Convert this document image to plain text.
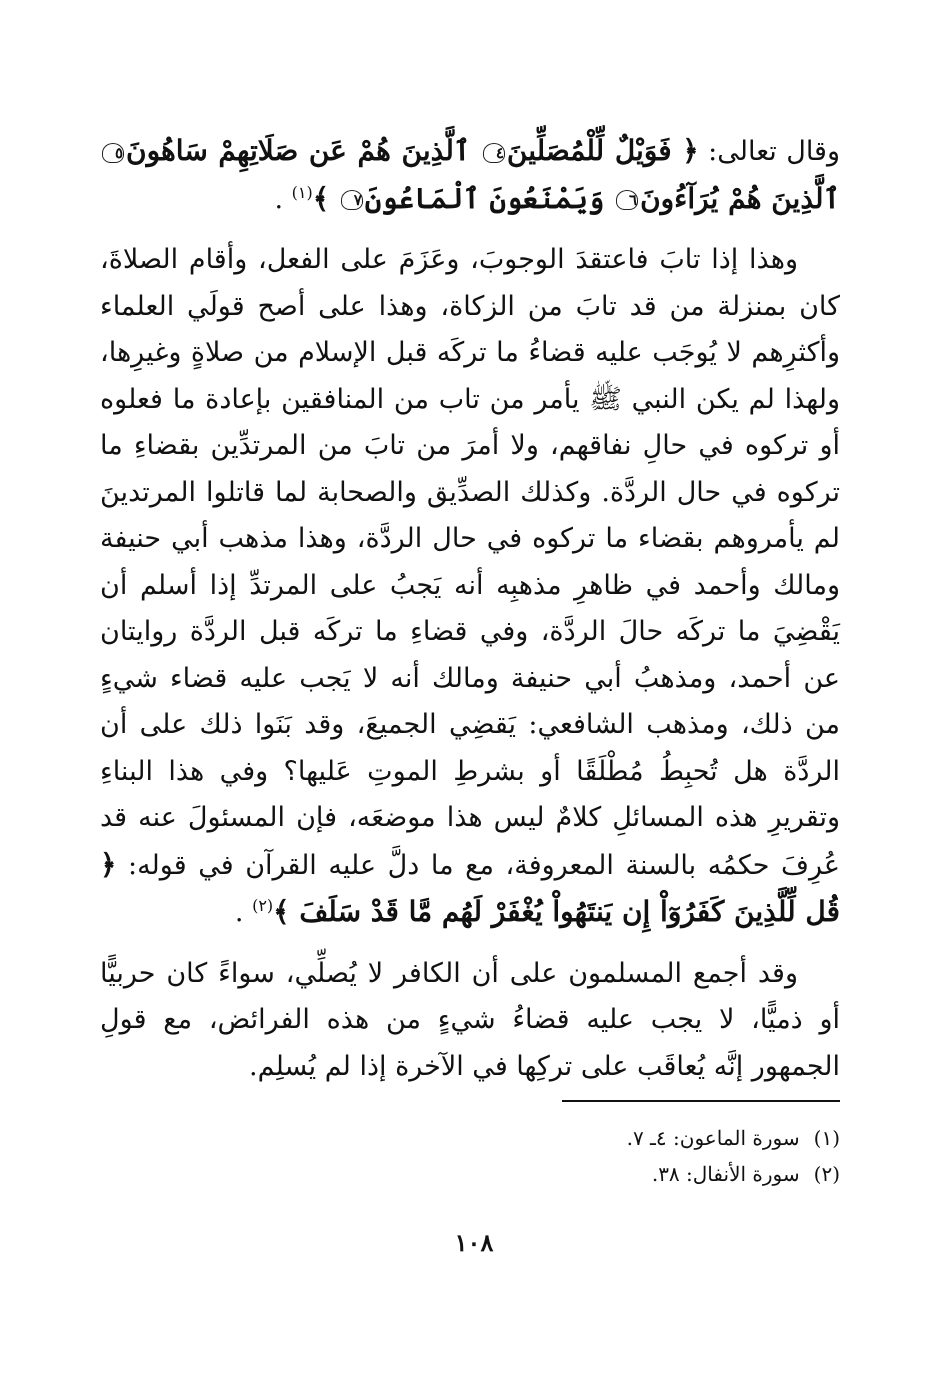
وقال تعالى: ﴿ فَوَيْلٌ لِّلْمُصَلِّينَ٤ ٱلَّذِينَ هُمْ عَن صَلَاتِهِمْ سَاهُونَ٥ ٱلَّذِينَ هُمْ يُرَآءُونَ٦ وَيَمْنَعُونَ ٱلْمَاعُونَ٧ ﴾$^{(١)}$ .

وهذا إذا تابَ فاعتقدَ الوجوبَ، وعَزَمَ على الفعل، وأقام الصلاةَ، كان بمنزلة من قد تابَ من الزكاة، وهذا على أصح قولَي العلماء وأكثرِهم لا يُوجَب عليه قضاءُ ما تركَه قبل الإسلام من صلاةٍ وغيرِها، ولهذا لم يكن النبي ﷺ يأمر من تاب من المنافقين بإعادة ما فعلوه أو تركوه في حالِ نفاقهم، ولا أمرَ من تابَ من المرتدِّين بقضاءِ ما تركوه في حال الردَّة. وكذلك الصدِّيق والصحابة لما قاتلوا المرتدينَ لم يأمروهم بقضاء ما تركوه في حال الردَّة، وهذا مذهب أبي حنيفة ومالك وأحمد في ظاهرِ مذهبِه أنه يَجبُ على المرتدِّ إذا أسلم أن يَقْضِيَ ما تركَه حالَ الردَّة، وفي قضاءِ ما تركَه قبل الردَّة روايتان عن أحمد، ومذهبُ أبي حنيفة ومالك أنه لا يَجب عليه قضاء شيءٍ من ذلك، ومذهب الشافعي: يَقضِي الجميعَ، وقد بَنَوا ذلك على أن الردَّة هل تُحبِطُ مُطْلَقًا أو بشرطِ الموتِ عَليها؟ وفي هذا البناءِ وتقريرِ هذه المسائلِ كلامٌ ليس هذا موضعَه، فإن المسئولَ عنه قد عُرِفَ حكمُه بالسنة المعروفة، مع ما دلَّ عليه القرآن في قوله: ﴿ قُل لِّلَّذِينَ كَفَرُوٓاْ إِن يَنتَهُواْ يُغْفَرْ لَهُم مَّا قَدْ سَلَفَ ﴾$^{(٢)}$ .

وقد أجمع المسلمون على أن الكافر لا يُصلِّي، سواءً كان حربيًّا أو ذميًّا، لا يجب عليه قضاءُ شيءٍ من هذه الفرائض، مع قولِ الجمهور إنَّه يُعاقَب على تركِها في الآخرة إذا لم يُسلِم.

(١)سورة الماعون: ٤ـ ٧.
(٢)سورة الأنفال: ٣٨.
١٠٨
